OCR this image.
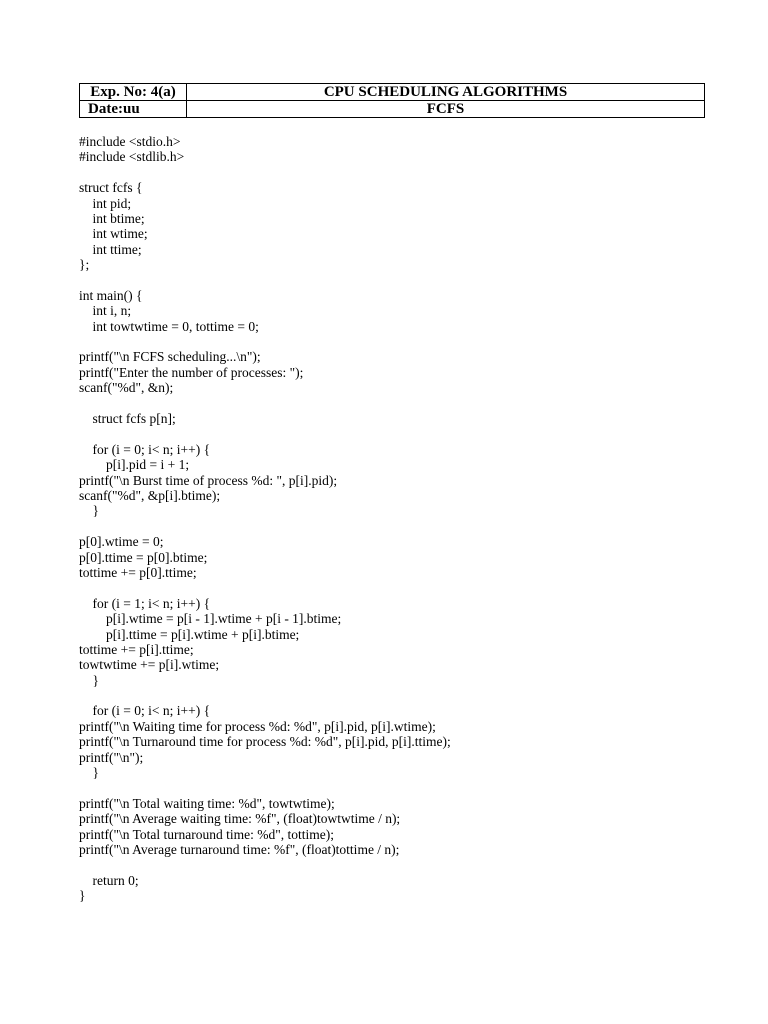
Exp. No: 4(a)	CPU SCHEDULING ALGORITHMS
Date:uu	FCFS
#include <stdio.h>
#include <stdlib.h>
struct fcfs {
int pid;
int btime;
int wtime;
int ttime;
};
int main() {
int i, n;
int towtwtime = 0, tottime = 0;
printf("\n FCFS scheduling...\n");
printf("Enter the number of processes: ");
scanf("%d", &n);
struct fcfs p[n];
for (i = 0; i< n; i++) {
p[i].pid = i + 1;
printf("\n Burst time of process %d: ", p[i].pid);
scanf("%d", &p[i].btime);
}
p[0].wtime = 0;
p[0].ttime = p[0].btime;
tottime += p[0].ttime;
for (i = 1; i< n; i++) {
p[i].wtime = p[i - 1].wtime + p[i - 1].btime;
p[i].ttime = p[i].wtime + p[i].btime;
tottime += p[i].ttime;
towtwtime += p[i].wtime;
}
for (i = 0; i< n; i++) {
printf("\n Waiting time for process %d: %d", p[i].pid, p[i].wtime);
printf("\n Turnaround time for process %d: %d", p[i].pid, p[i].ttime);
printf("\n");
}
printf("\n Total waiting time: %d", towtwtime);
printf("\n Average waiting time: %f", (float)towtwtime / n);
printf("\n Total turnaround time: %d", tottime);
printf("\n Average turnaround time: %f", (float)tottime / n);
return 0;
}
